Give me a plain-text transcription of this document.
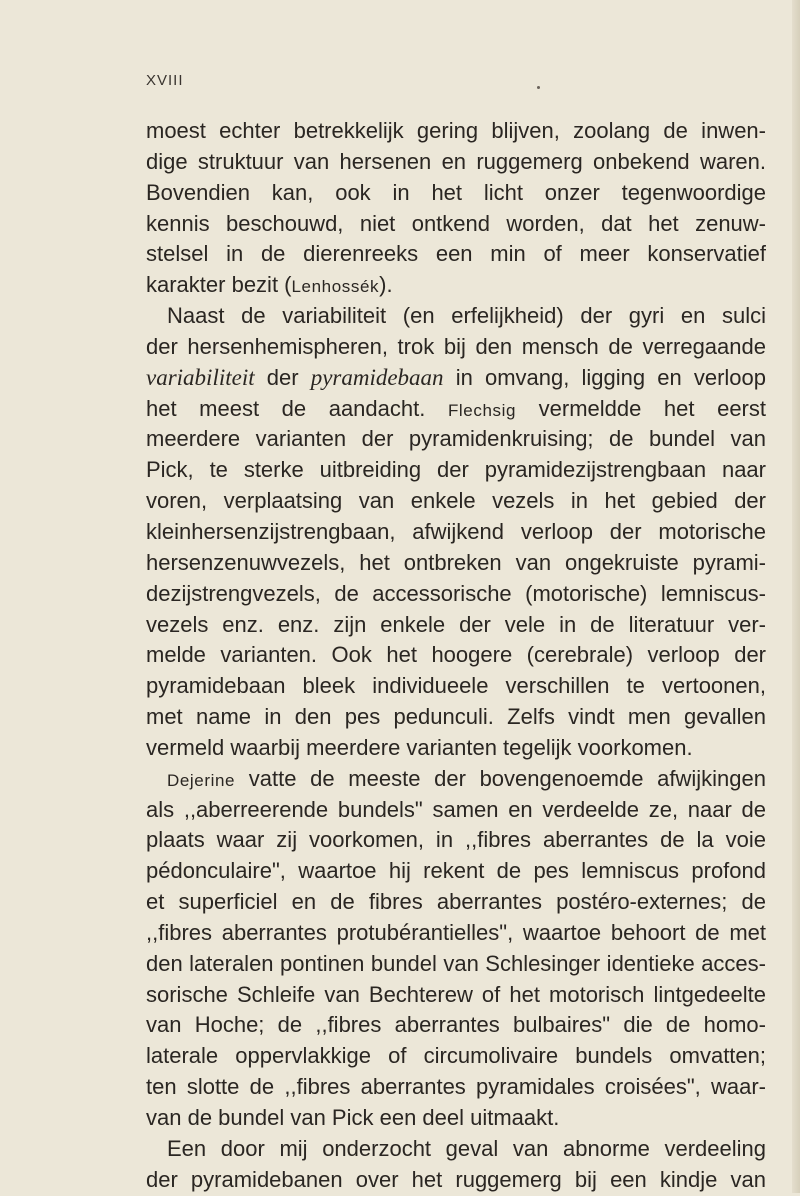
XVIII
moest echter betrekkelijk gering blijven, zoolang de inwen-
dige struktuur van hersenen en ruggemerg onbekend waren.
Bovendien kan, ook in het licht onzer tegenwoordige
kennis beschouwd, niet ontkend worden, dat het zenuw-
stelsel in de dierenreeks een min of meer konservatief
karakter bezit (Lenhossék).
Naast de variabiliteit (en erfelijkheid) der gyri en sulci
der hersenhemispheren, trok bij den mensch de verregaande
variabiliteit der pyramidebaan in omvang, ligging en verloop
het meest de aandacht. Flechsig vermeldde het eerst
meerdere varianten der pyramidenkruising; de bundel van
Pick, te sterke uitbreiding der pyramidezijstrengbaan naar
voren, verplaatsing van enkele vezels in het gebied der
kleinhersenzijstrengbaan, afwijkend verloop der motorische
hersenzenuwvezels, het ontbreken van ongekruiste pyrami-
dezijstrengvezels, de accessorische (motorische) lemniscus-
vezels enz. enz. zijn enkele der vele in de literatuur ver-
melde varianten. Ook het hoogere (cerebrale) verloop der
pyramidebaan bleek individueele verschillen te vertoonen,
met name in den pes pedunculi. Zelfs vindt men gevallen
vermeld waarbij meerdere varianten tegelijk voorkomen.
Dejerine vatte de meeste der bovengenoemde afwijkingen
als ,,aberreerende bundels" samen en verdeelde ze, naar de
plaats waar zij voorkomen, in ,,fibres aberrantes de la voie
pédonculaire", waartoe hij rekent de pes lemniscus profond
et superficiel en de fibres aberrantes postéro-externes; de
,,fibres aberrantes protubérantielles", waartoe behoort de met
den lateralen pontinen bundel van Schlesinger identieke acces-
sorische Schleife van Bechterew of het motorisch lintgedeelte
van Hoche; de ,,fibres aberrantes bulbaires" die de homo-
laterale oppervlakkige of circumolivaire bundels omvatten;
ten slotte de ,,fibres aberrantes pyramidales croisées", waar-
van de bundel van Pick een deel uitmaakt.
Een door mij onderzocht geval van abnorme verdeeling
der pyramidebanen over het ruggemerg bij een kindje van
